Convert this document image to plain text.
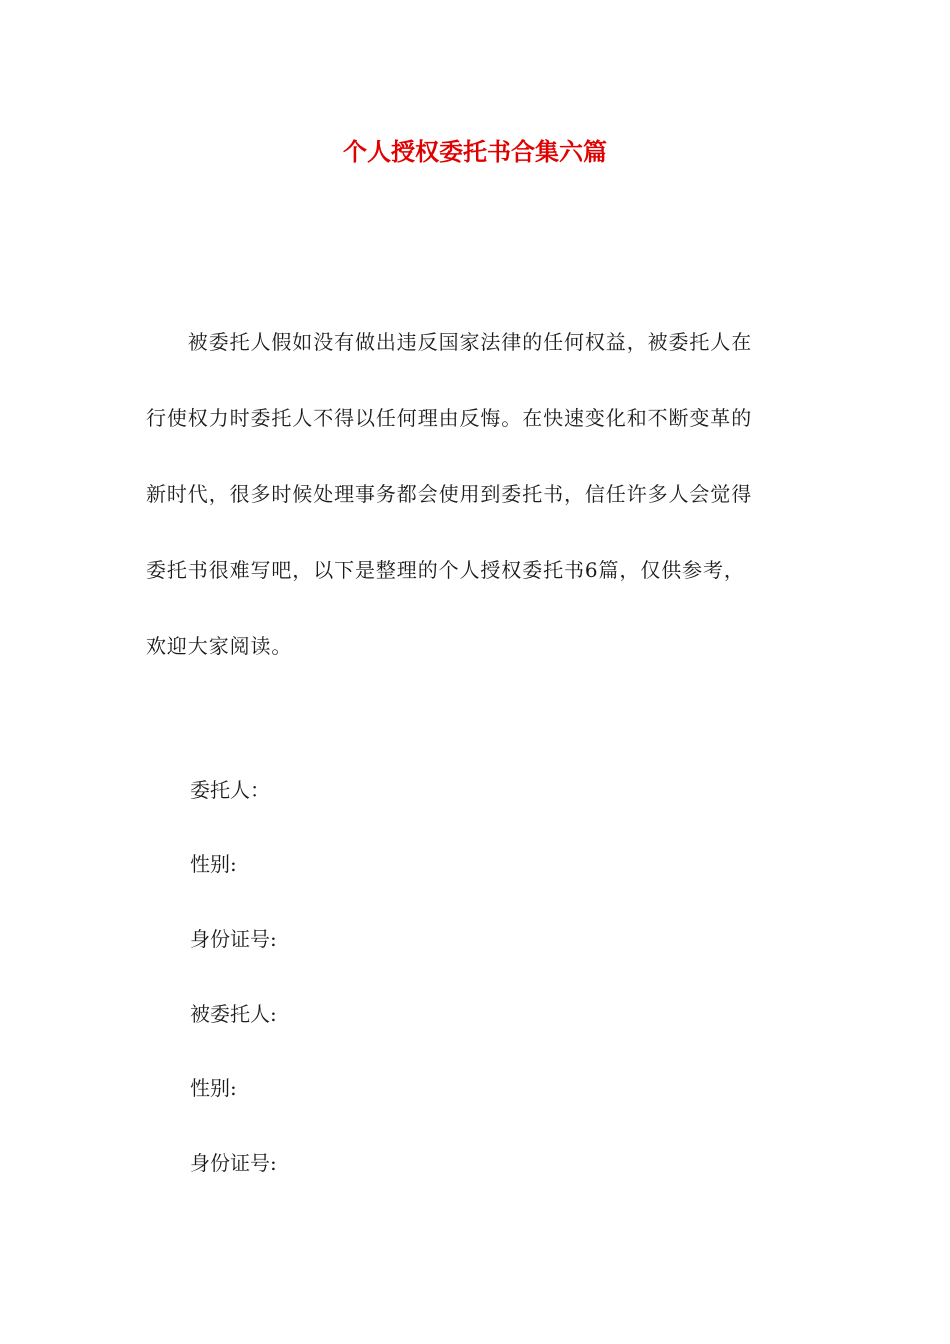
个人授权委托书合集六篇
　　被委托人假如没有做出违反国家法律的任何权益，被委托人在
行使权力时委托人不得以任何理由反悔。在快速变化和不断变革的
新时代，很多时候处理事务都会使用到委托书，信任许多人会觉得
委托书很难写吧，以下是整理的个人授权委托书6篇，仅供参考，
欢迎大家阅读。
委托人：
性别:
身份证号:
被委托人:
性别:
身份证号:
